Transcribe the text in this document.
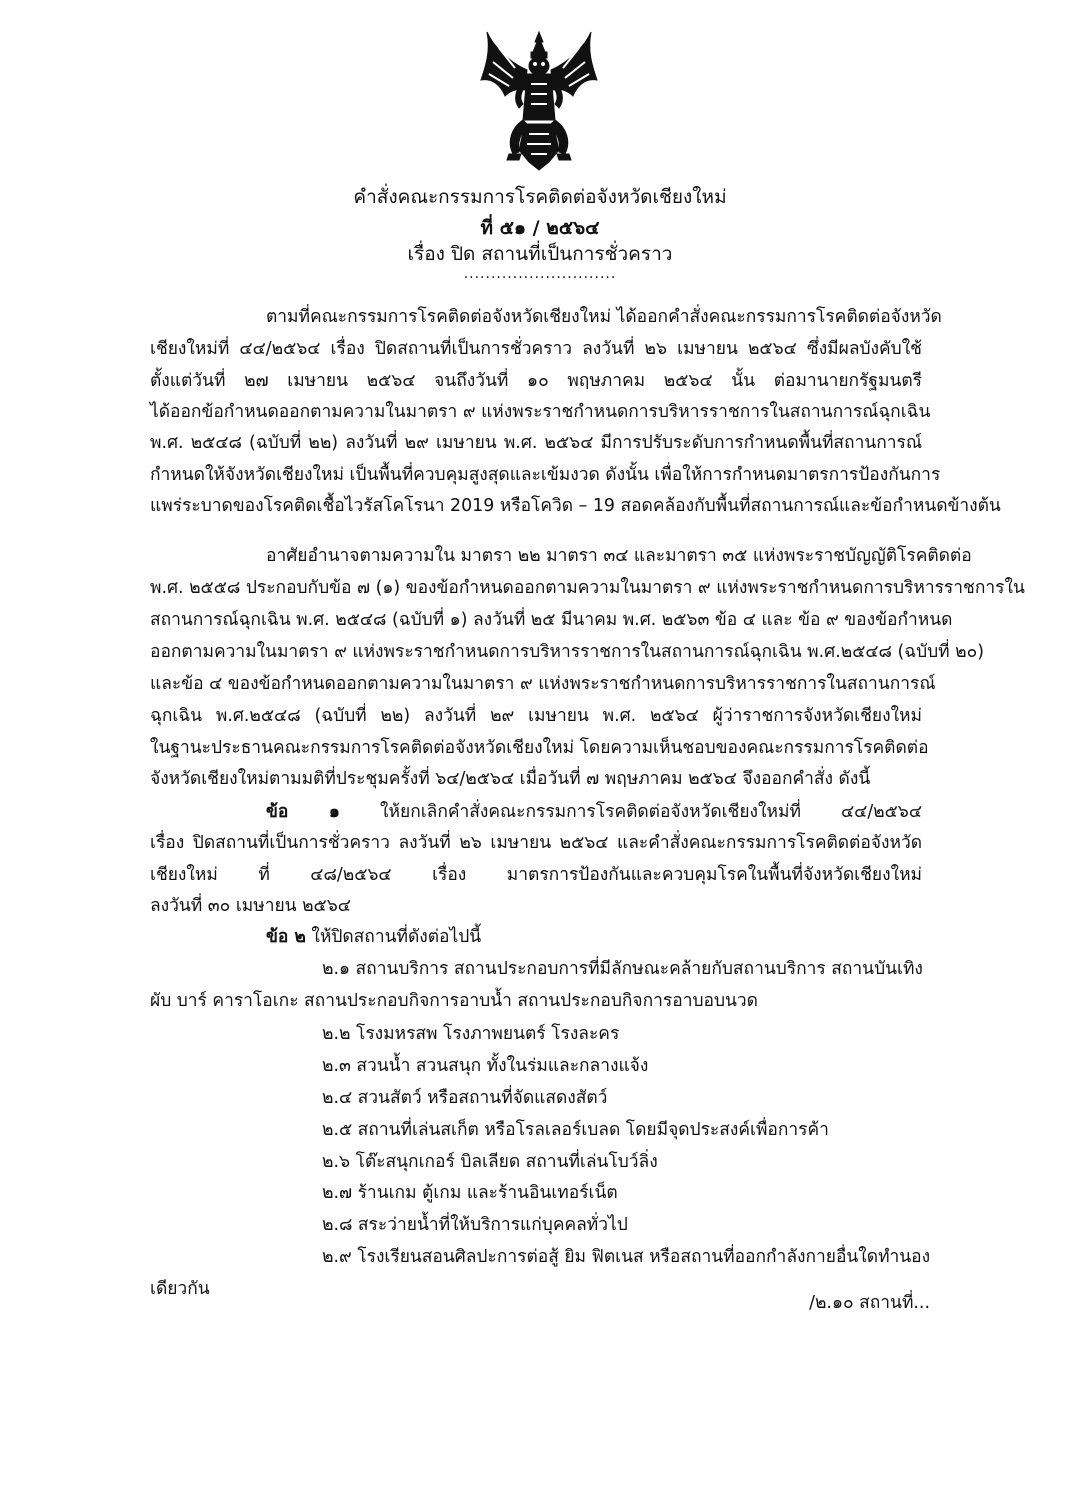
คำสั่งคณะกรรมการโรคติดต่อจังหวัดเชียงใหม่
ที่ ๕๑ / ๒๕๖๔
เรื่อง ปิด สถานที่เป็นการชั่วคราว
............................
ตามที่คณะกรรมการโรคติดต่อจังหวัดเชียงใหม่ ได้ออกคำสั่งคณะกรรมการโรคติดต่อจังหวัด
เชียงใหม่ที่ ๔๔/๒๕๖๔ เรื่อง ปิดสถานที่เป็นการชั่วคราว ลงวันที่ ๒๖ เมษายน ๒๕๖๔ ซึ่งมีผลบังคับใช้
ตั้งแต่วันที่ ๒๗ เมษายน ๒๕๖๔ จนถึงวันที่ ๑๐ พฤษภาคม ๒๕๖๔ นั้น ต่อมานายกรัฐมนตรี
ได้ออกข้อกำหนดออกตามความในมาตรา ๙ แห่งพระราชกำหนดการบริหารราชการในสถานการณ์ฉุกเฉิน
พ.ศ. ๒๕๔๘ (ฉบับที่ ๒๒) ลงวันที่ ๒๙ เมษายน พ.ศ. ๒๕๖๔ มีการปรับระดับการกำหนดพื้นที่สถานการณ์
กำหนดให้จังหวัดเชียงใหม่ เป็นพื้นที่ควบคุมสูงสุดและเข้มงวด ดังนั้น เพื่อให้การกำหนดมาตรการป้องกันการ
แพร่ระบาดของโรคติดเชื้อไวรัสโคโรนา 2019 หรือโควิด – 19 สอดคล้องกับพื้นที่สถานการณ์และข้อกำหนดข้างต้น
อาศัยอำนาจตามความใน มาตรา ๒๒ มาตรา ๓๔ และมาตรา ๓๕ แห่งพระราชบัญญัติโรคติดต่อ
พ.ศ. ๒๕๕๘ ประกอบกับข้อ ๗ (๑) ของข้อกำหนดออกตามความในมาตรา ๙ แห่งพระราชกำหนดการบริหารราชการใน
สถานการณ์ฉุกเฉิน พ.ศ. ๒๕๔๘ (ฉบับที่ ๑) ลงวันที่ ๒๕ มีนาคม พ.ศ. ๒๕๖๓ ข้อ ๔ และ ข้อ ๙ ของข้อกำหนด
ออกตามความในมาตรา ๙ แห่งพระราชกำหนดการบริหารราชการในสถานการณ์ฉุกเฉิน พ.ศ.๒๕๔๘ (ฉบับที่ ๒๐)
และข้อ ๔ ของข้อกำหนดออกตามความในมาตรา ๙ แห่งพระราชกำหนดการบริหารราชการในสถานการณ์
ฉุกเฉิน พ.ศ.๒๕๔๘ (ฉบับที่ ๒๒) ลงวันที่ ๒๙ เมษายน พ.ศ. ๒๕๖๔ ผู้ว่าราชการจังหวัดเชียงใหม่
ในฐานะประธานคณะกรรมการโรคติดต่อจังหวัดเชียงใหม่ โดยความเห็นชอบของคณะกรรมการโรคติดต่อ
จังหวัดเชียงใหม่ตามมติที่ประชุมครั้งที่ ๖๔/๒๕๖๔ เมื่อวันที่ ๗ พฤษภาคม ๒๕๖๔ จึงออกคำสั่ง ดังนี้
ข้อ ๑ ให้ยกเลิกคำสั่งคณะกรรมการโรคติดต่อจังหวัดเชียงใหม่ที่ ๔๔/๒๕๖๔
เรื่อง ปิดสถานที่เป็นการชั่วคราว ลงวันที่ ๒๖ เมษายน ๒๕๖๔ และคำสั่งคณะกรรมการโรคติดต่อจังหวัด
เชียงใหม่ ที่ ๔๘/๒๕๖๔ เรื่อง มาตรการป้องกันและควบคุมโรคในพื้นที่จังหวัดเชียงใหม่
ลงวันที่ ๓๐ เมษายน ๒๕๖๔
ข้อ ๒ ให้ปิดสถานที่ดังต่อไปนี้
๒.๑ สถานบริการ สถานประกอบการที่มีลักษณะคล้ายกับสถานบริการ สถานบันเทิง
ผับ บาร์ คาราโอเกะ สถานประกอบกิจการอาบน้ำ สถานประกอบกิจการอาบอบนวด
๒.๒ โรงมหรสพ โรงภาพยนตร์ โรงละคร
๒.๓ สวนน้ำ สวนสนุก ทั้งในร่มและกลางแจ้ง
๒.๔ สวนสัตว์ หรือสถานที่จัดแสดงสัตว์
๒.๕ สถานที่เล่นสเก็ต หรือโรลเลอร์เบลด โดยมีจุดประสงค์เพื่อการค้า
๒.๖ โต๊ะสนุกเกอร์ บิลเลียด สถานที่เล่นโบว์ลิ่ง
๒.๗ ร้านเกม ตู้เกม และร้านอินเทอร์เน็ต
๒.๘ สระว่ายน้ำที่ให้บริการแก่บุคคลทั่วไป
๒.๙ โรงเรียนสอนศิลปะการต่อสู้ ยิม ฟิตเนส หรือสถานที่ออกกำลังกายอื่นใดทำนอง
เดียวกัน
/๒.๑๐ สถานที่...
